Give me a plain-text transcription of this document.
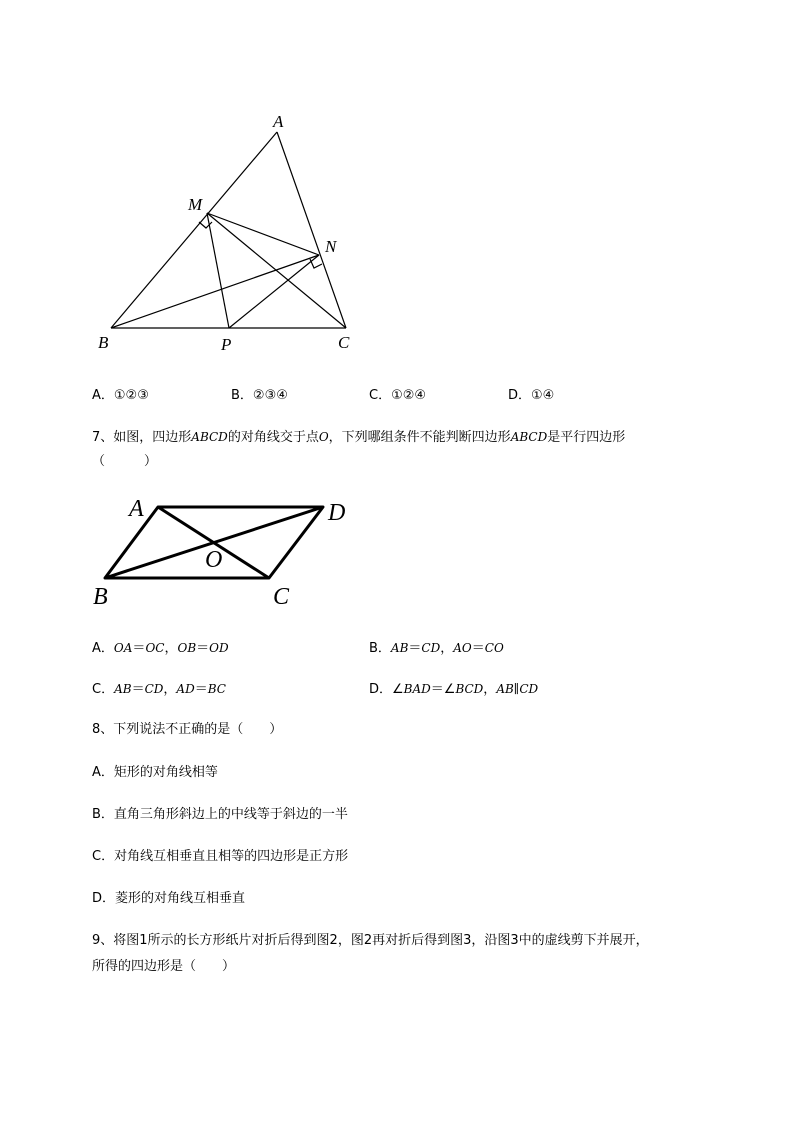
A
M
N
B	P	C
A．①②③	B．②③④	C．①②④	D．①④
7、如图，四边形ABCD的对角线交于点O，下列哪组条件不能判断四边形ABCD是平行四边形
（　　　）
A	D
O
B	C
A．OA＝OC，OB＝OD	B．AB＝CD，AO＝CO
C．AB＝CD，AD＝BC	D．∠BAD＝∠BCD，AB∥CD
8、下列说法不正确的是（　　）
A．矩形的对角线相等
B．直角三角形斜边上的中线等于斜边的一半
C．对角线互相垂直且相等的四边形是正方形
D．菱形的对角线互相垂直
9、将图1所示的长方形纸片对折后得到图2，图2再对折后得到图3，沿图3中的虚线剪下并展开，
所得的四边形是（　　）
